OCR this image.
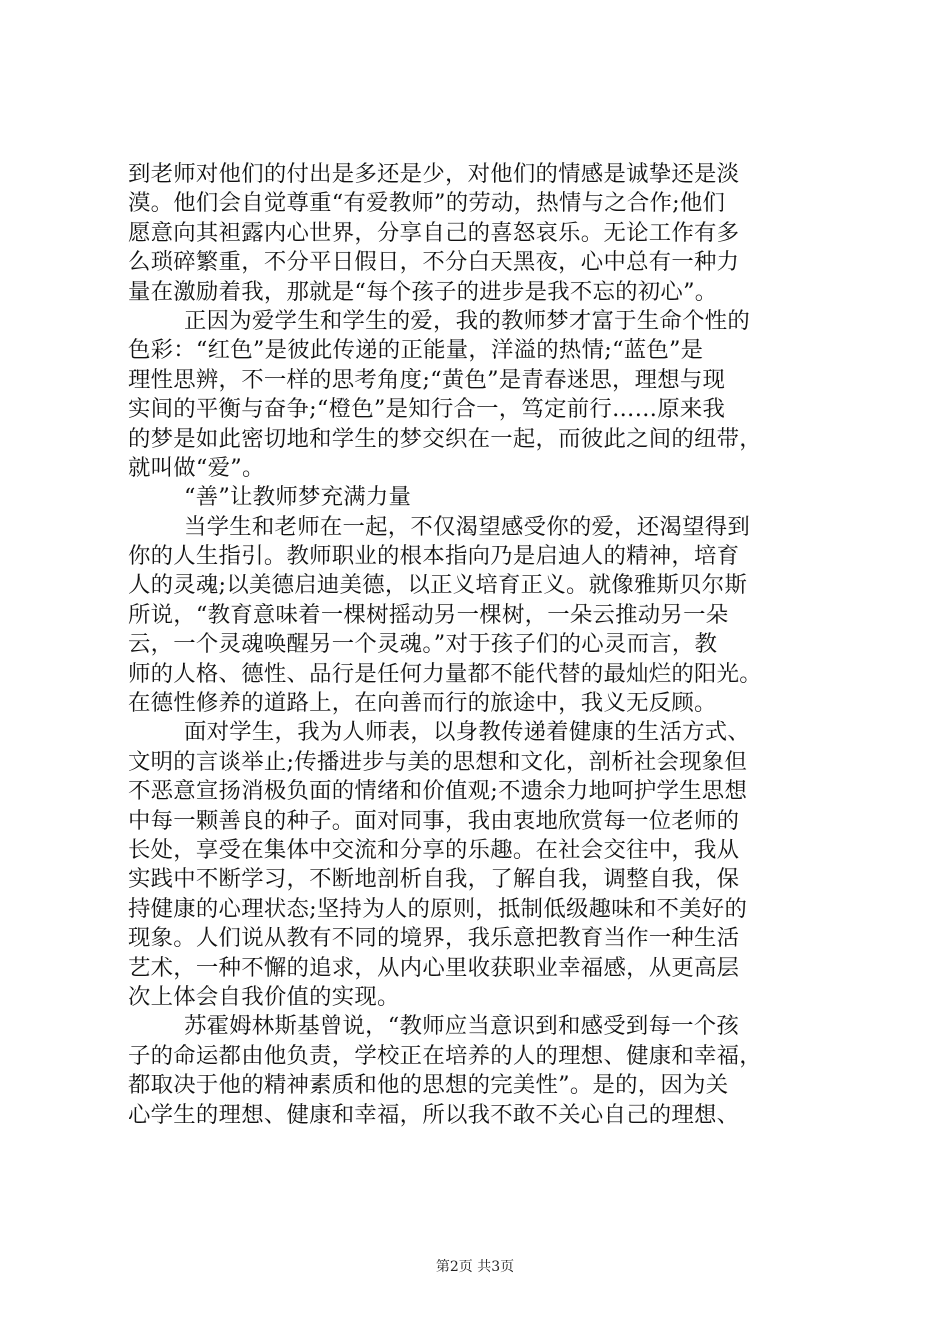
到老师对他们的付出是多还是少，对他们的情感是诚挚还是淡
漠。他们会自觉尊重“有爱教师”的劳动，热情与之合作;他们
愿意向其袒露内心世界，分享自己的喜怒哀乐。无论工作有多
么琐碎繁重，不分平日假日，不分白天黑夜，心中总有一种力
量在激励着我，那就是“每个孩子的进步是我不忘的初心”。
正因为爱学生和学生的爱，我的教师梦才富于生命个性的
色彩：“红色”是彼此传递的正能量，洋溢的热情;“蓝色”是
理性思辨，不一样的思考角度;“黄色”是青春迷思，理想与现
实间的平衡与奋争;“橙色”是知行合一，笃定前行……原来我
的梦是如此密切地和学生的梦交织在一起，而彼此之间的纽带，
就叫做“爱”。
“善”让教师梦充满力量
当学生和老师在一起，不仅渴望感受你的爱，还渴望得到
你的人生指引。教师职业的根本指向乃是启迪人的精神，培育
人的灵魂;以美德启迪美德，以正义培育正义。就像雅斯贝尔斯
所说，“教育意味着一棵树摇动另一棵树，一朵云推动另一朵
云，一个灵魂唤醒另一个灵魂。”对于孩子们的心灵而言，教
师的人格、德性、品行是任何力量都不能代替的最灿烂的阳光。
在德性修养的道路上，在向善而行的旅途中，我义无反顾。
面对学生，我为人师表，以身教传递着健康的生活方式、
文明的言谈举止;传播进步与美的思想和文化，剖析社会现象但
不恶意宣扬消极负面的情绪和价值观;不遗余力地呵护学生思想
中每一颗善良的种子。面对同事，我由衷地欣赏每一位老师的
长处，享受在集体中交流和分享的乐趣。在社会交往中，我从
实践中不断学习，不断地剖析自我，了解自我，调整自我，保
持健康的心理状态;坚持为人的原则，抵制低级趣味和不美好的
现象。人们说从教有不同的境界，我乐意把教育当作一种生活
艺术，一种不懈的追求，从内心里收获职业幸福感，从更高层
次上体会自我价值的实现。
苏霍姆林斯基曾说，“教师应当意识到和感受到每一个孩
子的命运都由他负责，学校正在培养的人的理想、健康和幸福，
都取决于他的精神素质和他的思想的完美性”。是的，因为关
心学生的理想、健康和幸福，所以我不敢不关心自己的理想、
第2页 共3页
